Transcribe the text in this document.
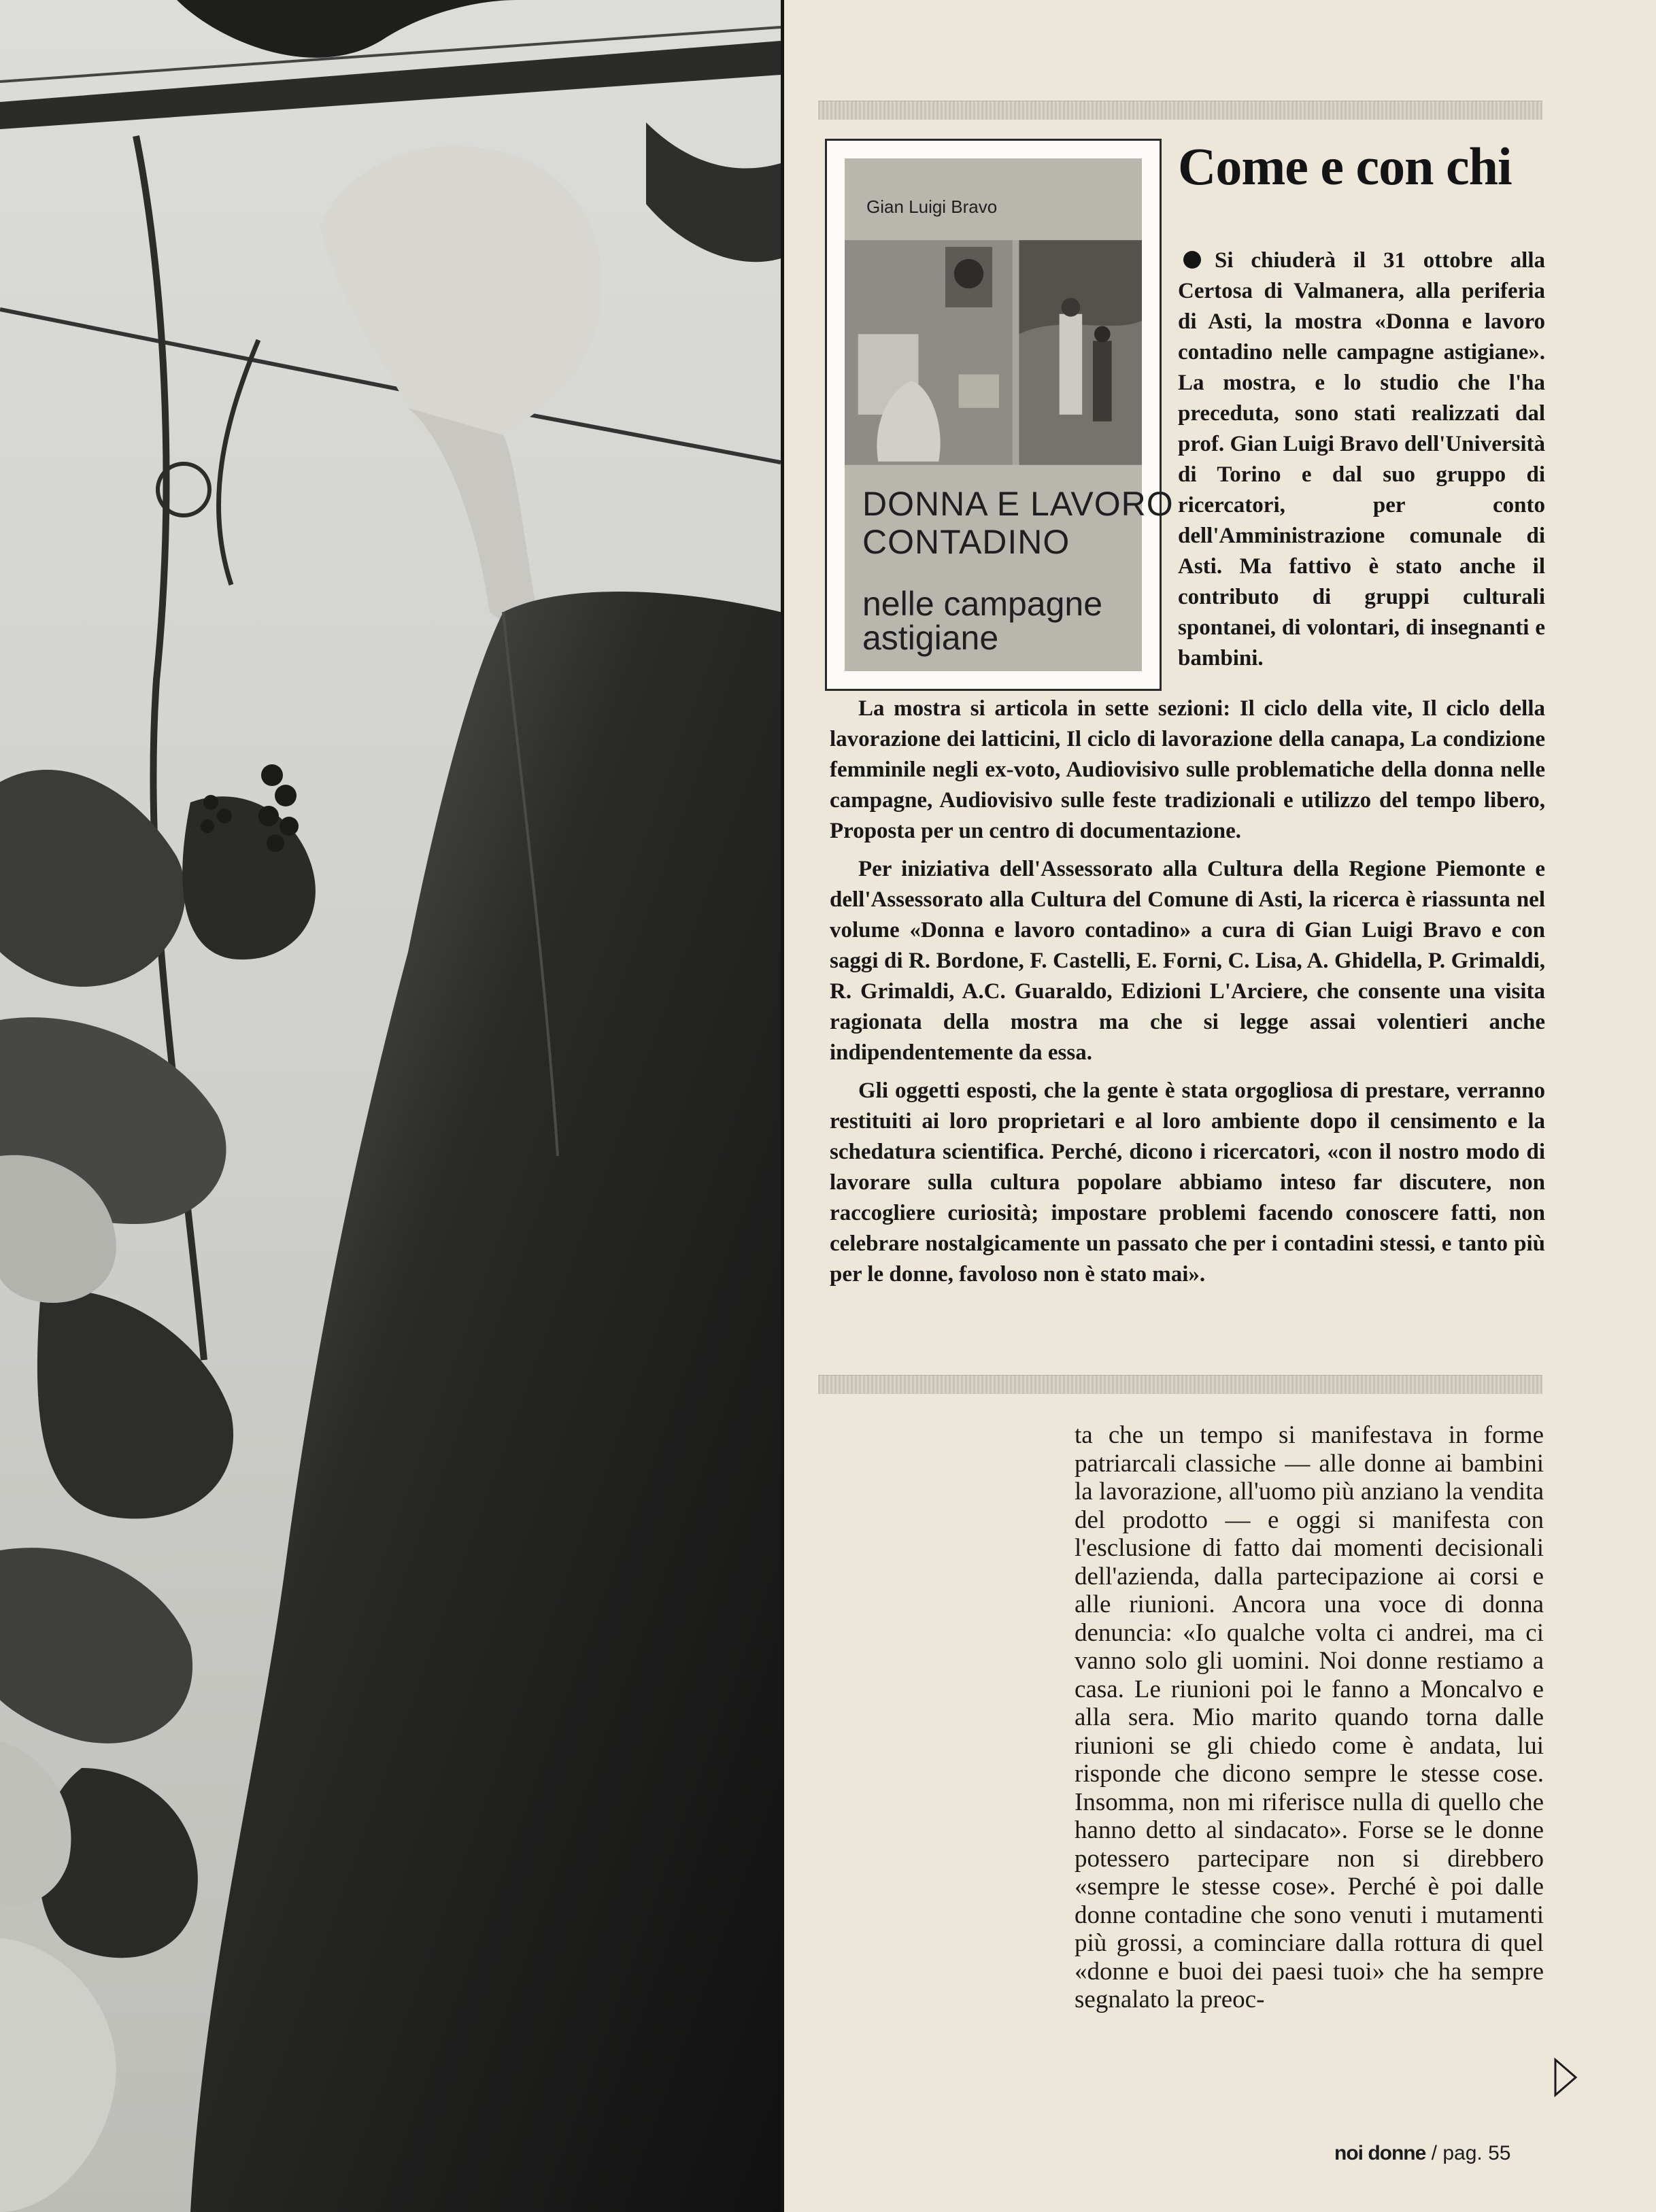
Gian Luigi Bravo
DONNA E LAVORO
CONTADINO
nelle campagne
astigiane
Come e con chi
Si chiuderà il 31 ottobre alla Certosa di Valmanera, alla periferia di Asti, la mostra «Donna e lavoro contadino nelle campagne astigiane». La mostra, e lo studio che l'ha preceduta, sono stati realizzati dal prof. Gian Luigi Bravo dell'Università di Torino e dal suo gruppo di ricercatori, per conto dell'Amministrazione comunale di Asti. Ma fattivo è stato anche il contributo di gruppi culturali spontanei, di volontari, di insegnanti e bambini.

La mostra si articola in sette sezioni: Il ciclo della vite, Il ciclo della lavorazione dei latticini, Il ciclo di lavorazione della canapa, La condizione femminile negli ex-voto, Audiovisivo sulle problematiche della donna nelle campagne, Audiovisivo sulle feste tradizionali e utilizzo del tempo libero, Proposta per un centro di documentazione.

Per iniziativa dell'Assessorato alla Cultura della Regione Piemonte e dell'Assessorato alla Cultura del Comune di Asti, la ricerca è riassunta nel volume «Donna e lavoro contadino» a cura di Gian Luigi Bravo e con saggi di R. Bordone, F. Castelli, E. Forni, C. Lisa, A. Ghidella, P. Grimaldi, R. Grimaldi, A.C. Guaraldo, Edizioni L'Arciere, che consente una visita ragionata della mostra ma che si legge assai volentieri anche indipendentemente da essa.

Gli oggetti esposti, che la gente è stata orgogliosa di prestare, verranno restituiti ai loro proprietari e al loro ambiente dopo il censimento e la schedatura scientifica. Perché, dicono i ricercatori, «con il nostro modo di lavorare sulla cultura popolare abbiamo inteso far discutere, non raccogliere curiosità; impostare problemi facendo conoscere fatti, non celebrare nostalgicamente un passato che per i contadini stessi, e tanto più per le donne, favoloso non è stato mai».

ta che un tempo si manifestava in forme patriarcali classiche — alle donne ai bambini la lavorazione, all'uomo più anziano la vendita del prodotto — e oggi si manifesta con l'esclusione di fatto dai momenti decisionali dell'azienda, dalla partecipazione ai corsi e alle riunioni. Ancora una voce di donna denuncia: «Io qualche volta ci andrei, ma ci vanno solo gli uomini. Noi donne restiamo a casa. Le riunioni poi le fanno a Moncalvo e alla sera. Mio marito quando torna dalle riunioni se gli chiedo come è andata, lui risponde che dicono sempre le stesse cose. Insomma, non mi riferisce nulla di quello che hanno detto al sindacato». Forse se le donne potessero partecipare non si direbbero «sempre le stesse cose». Perché è poi dalle donne contadine che sono venuti i mutamenti più grossi, a cominciare dalla rottura di quel «donne e buoi dei paesi tuoi» che ha sempre segnalato la preoc-
noi donne / pag. 55
